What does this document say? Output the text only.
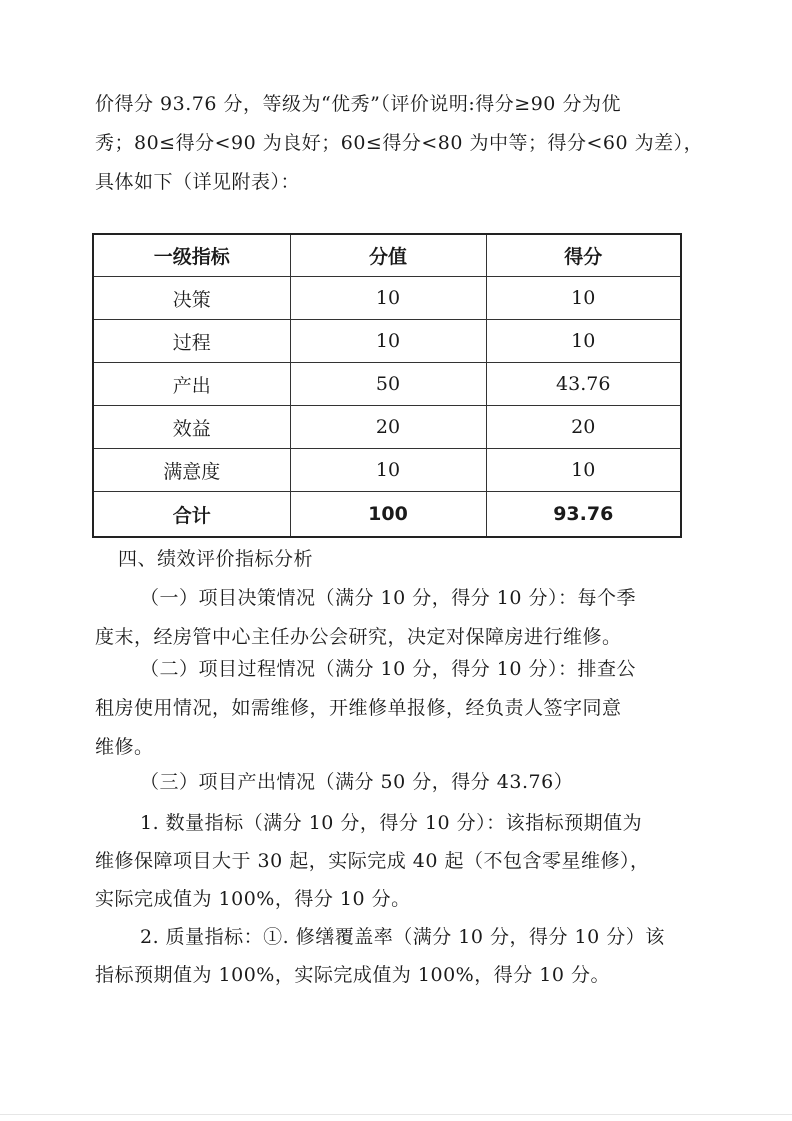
价得分 93.76 分，等级为“优秀”（评价说明:得分≥90 分为优
秀；80≤得分<90 为良好；60≤得分<80 为中等；得分<60 为差），
具体如下（详见附表）：
一级指标	分值	得分
决策	10	10
过程	10	10
产出	50	43.76
效益	20	20
满意度	10	10
合计	100	93.76
四、绩效评价指标分析
（一）项目决策情况（满分 10 分，得分 10 分）：每个季
度末，经房管中心主任办公会研究，决定对保障房进行维修。
（二）项目过程情况（满分 10 分，得分 10 分）：排查公
租房使用情况，如需维修，开维修单报修，经负责人签字同意
维修。
（三）项目产出情况（满分 50 分，得分 43.76）
1. 数量指标（满分 10 分，得分 10 分）：该指标预期值为
维修保障项目大于 30 起，实际完成 40 起（不包含零星维修），
实际完成值为 100%，得分 10 分。
2. 质量指标：①. 修缮覆盖率（满分 10 分，得分 10 分）该
指标预期值为 100%，实际完成值为 100%，得分 10 分。
